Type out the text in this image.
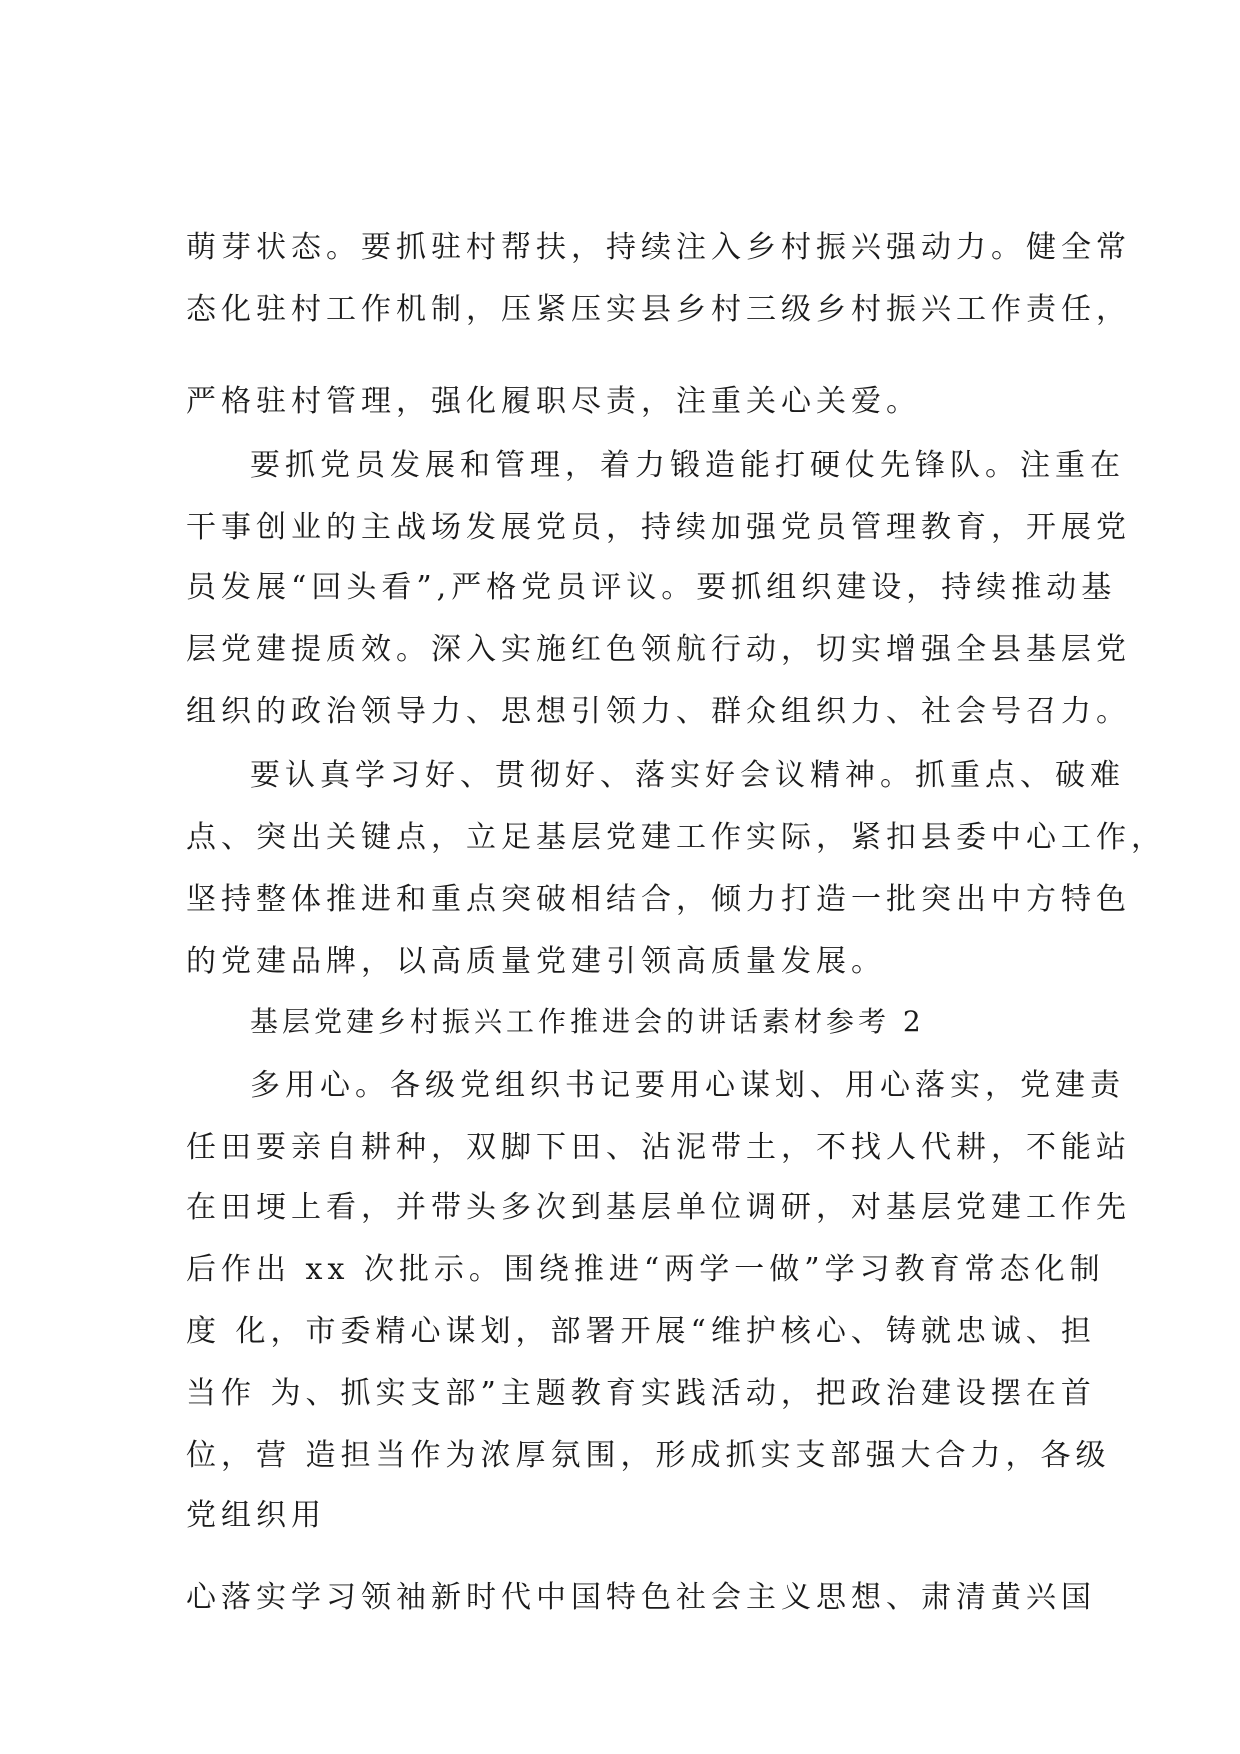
萌芽状态。要抓驻村帮扶，持续注入乡村振兴强动力。健全常
态化驻村工作机制，压紧压实县乡村三级乡村振兴工作责任，
严格驻村管理，强化履职尽责，注重关心关爱。
要抓党员发展和管理，着力锻造能打硬仗先锋队。注重在
干事创业的主战场发展党员，持续加强党员管理教育，开展党
员发展“回头看”,严格党员评议。要抓组织建设，持续推动基
层党建提质效。深入实施红色领航行动，切实增强全县基层党
组织的政治领导力、思想引领力、群众组织力、社会号召力。
要认真学习好、贯彻好、落实好会议精神。抓重点、破难
点、突出关键点，立足基层党建工作实际，紧扣县委中心工作，
坚持整体推进和重点突破相结合，倾力打造一批突出中方特色
的党建品牌，以高质量党建引领高质量发展。
基层党建乡村振兴工作推进会的讲话素材参考 2
多用心。各级党组织书记要用心谋划、用心落实，党建责
任田要亲自耕种，双脚下田、沾泥带土，不找人代耕，不能站
在田埂上看，并带头多次到基层单位调研，对基层党建工作先
后作出 xx 次批示。围绕推进“两学一做”学习教育常态化制
度 化，市委精心谋划，部署开展“维护核心、铸就忠诚、担
当作 为、抓实支部”主题教育实践活动，把政治建设摆在首
位，营 造担当作为浓厚氛围，形成抓实支部强大合力，各级
党组织用
心落实学习领袖新时代中国特色社会主义思想、肃清黄兴国
